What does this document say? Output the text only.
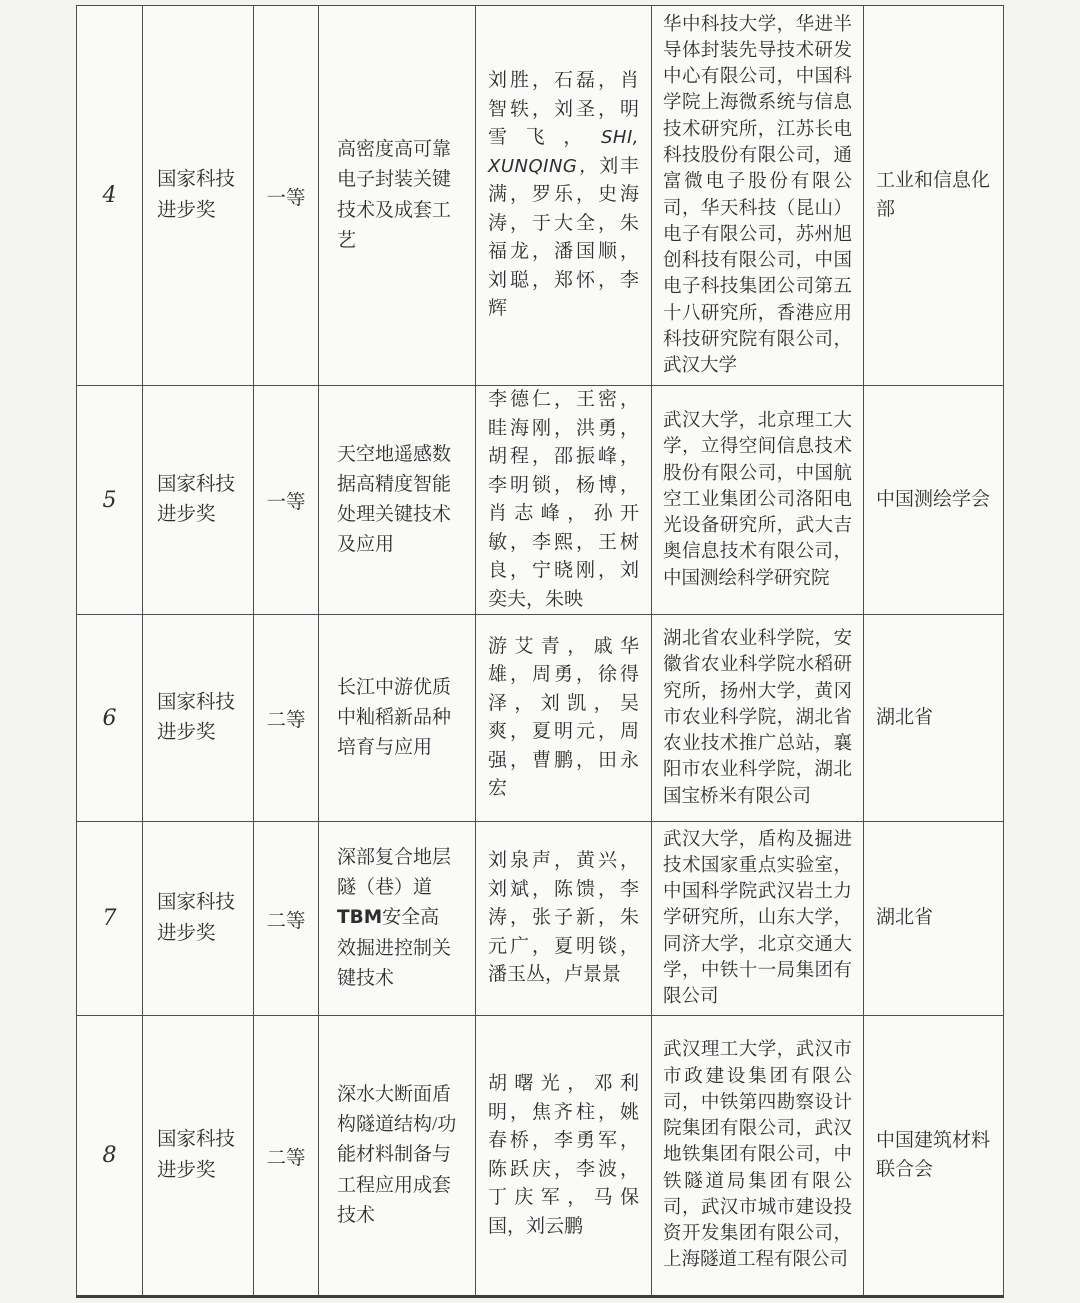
4	国家科技进步奖	一等	高密度高可靠电子封装关键技术及成套工艺	刘胜，石磊，肖智轶，刘圣，明雪飞，SHI, XUNQING，刘丰满，罗乐，史海涛，于大全，朱福龙，潘国顺，刘聪，郑怀，李辉	华中科技大学，华进半导体封装先导技术研发中心有限公司，中国科学院上海微系统与信息技术研究所，江苏长电科技股份有限公司，通富微电子股份有限公司，华天科技（昆山）电子有限公司，苏州旭创科技有限公司，中国电子科技集团公司第五十八研究所，香港应用科技研究院有限公司，武汉大学	工业和信息化部
5	国家科技进步奖	一等	天空地遥感数据高精度智能处理关键技术及应用	李德仁，王密，眭海刚，洪勇，胡程，邵振峰，李明锁，杨博，肖志峰，孙开敏，李熙，王树良，宁晓刚，刘奕夫，朱映	武汉大学，北京理工大学，立得空间信息技术股份有限公司，中国航空工业集团公司洛阳电光设备研究所，武大吉奥信息技术有限公司，中国测绘科学研究院	中国测绘学会
6	国家科技进步奖	二等	长江中游优质中籼稻新品种培育与应用	游艾青，戚华雄，周勇，徐得泽，刘凯，吴爽，夏明元，周强，曹鹏，田永宏	湖北省农业科学院，安徽省农业科学院水稻研究所，扬州大学，黄冈市农业科学院，湖北省农业技术推广总站，襄阳市农业科学院，湖北国宝桥米有限公司	湖北省
7	国家科技进步奖	二等	深部复合地层隧（巷）道TBM安全高效掘进控制关键技术	刘泉声，黄兴，刘斌，陈馈，李涛，张子新，朱元广，夏明锬，潘玉丛，卢景景	武汉大学，盾构及掘进技术国家重点实验室，中国科学院武汉岩土力学研究所，山东大学，同济大学，北京交通大学，中铁十一局集团有限公司	湖北省
8	国家科技进步奖	二等	深水大断面盾构隧道结构/功能材料制备与工程应用成套技术	胡曙光，邓利明，焦齐柱，姚春桥，李勇军，陈跃庆，李波，丁庆军，马保国，刘云鹏	武汉理工大学，武汉市市政建设集团有限公司，中铁第四勘察设计院集团有限公司，武汉地铁集团有限公司，中铁隧道局集团有限公司，武汉市城市建设投资开发集团有限公司，上海隧道工程有限公司	中国建筑材料联合会
